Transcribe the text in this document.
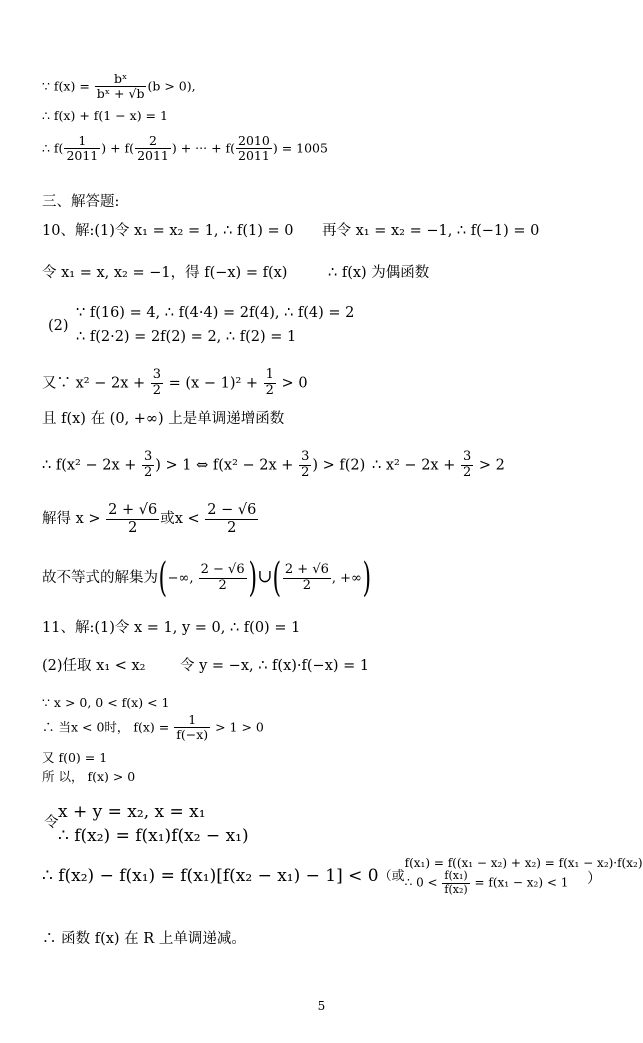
∵ $f(x) = \frac{\text{bˣ}}{\text{bˣ + √b}} (b > 0)$,
∴ f(x) + f(1 − x) = 1
∴ $f( \frac{1}{2011}$ ) + $f( \frac{2}{2011}$ ) + ··· + $f( \frac{2010}{2011}$ ) = 1005
三、解答题:
10、解:(1)令 x₁ = x₂ = 1, ∴ f(1) = 0 再令 x₁ = x₂ = −1, ∴ f(−1) = 0
令 x₁ = x, x₂ = −1，得 f(−x) = f(x)	∴ f(x) 为偶函数
(2)
∵ f(16) = 4, ∴ f(4·4) = 2f(4), ∴ f(4) = 2
∴ f(2·2) = 2f(2) = 2, ∴ f(2) = 1
又∵ $x^2 - 2x + \frac{3}{2} = (x - 1)^2 + \frac{1}{2} > 0$
且 f(x) 在 (0, +∞) 上是单调递增函数
∴ $f(x^2 - 2x + \frac{3}{2}$ ) > 1 ⇔ $f(x^2 - 2x + \frac{3}{2}$ ) > f(2) ∴ $x^2 - 2x + \frac{3}{2} > 2$
解得 $x > \frac{2 + √6}{2}$ 或$x < \frac{2 - √6}{2}$
故不等式的解集为(−∞, $\frac{2 - √6}{2}$ )∪( $\frac{2 + √6}{2}$ , +∞)
11、解:(1)令 x = 1, y = 0, ∴ f(0) = 1
(2)任取 x₁ < x₂ 令 y = −x, ∴ f(x)·f(−x) = 1
∵ x > 0, 0 < f(x) < 1
∴ 当x < 0时， $f(x) = \frac{1}{f(-x)} > 1 > 0$
又 f(0) = 1
所 以， f(x) > 0
令
x + y = x₂, x = x₁
∴ f(x₂) = f(x₁)f(x₂ − x₁)
∴ f(x₂) − f(x₁) = f(x₁)[f(x₂ − x₁) − 1] < 0（或
f(x₁) = f((x₁ − x₂) + x₂) = f(x₁ − x₂)·f(x₂)
∴ $0 < \frac{\text{f(x₁)}}{\text{f(x₂)}} = f(x_1 - x_2) < 1$	）
∴ 函数 f(x) 在 R 上单调递减。
5
